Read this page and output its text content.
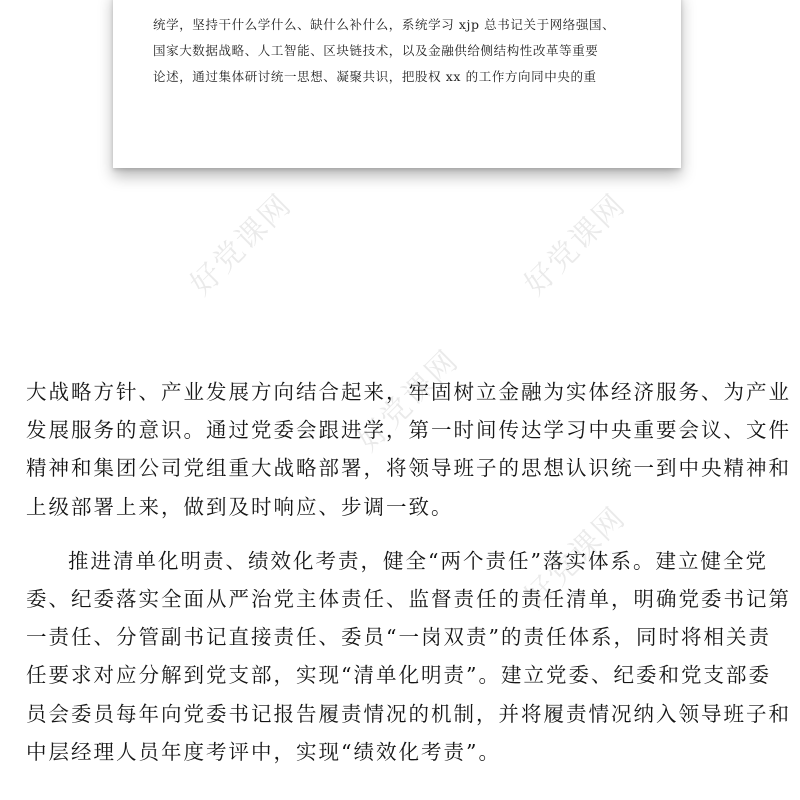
统学，坚持干什么学什么、缺什么补什么，系统学习 xjp 总书记关于网络强国、

国家大数据战略、人工智能、区块链技术，以及金融供给侧结构性改革等重要

论述，通过集体研讨统一思想、凝聚共识，把股权 xx 的工作方向同中央的重

好党课网	好党课网
好党课网
好党课网

大战略方针、产业发展方向结合起来，牢固树立金融为实体经济服务、为产业

发展服务的意识。通过党委会跟进学，第一时间传达学习中央重要会议、文件

精神和集团公司党组重大战略部署，将领导班子的思想认识统一到中央精神和

上级部署上来，做到及时响应、步调一致。

推进清单化明责、绩效化考责，健全“两个责任”落实体系。建立健全党

委、纪委落实全面从严治党主体责任、监督责任的责任清单，明确党委书记第

一责任、分管副书记直接责任、委员“一岗双责”的责任体系，同时将相关责

任要求对应分解到党支部，实现“清单化明责”。建立党委、纪委和党支部委

员会委员每年向党委书记报告履责情况的机制，并将履责情况纳入领导班子和

中层经理人员年度考评中，实现“绩效化考责”。
